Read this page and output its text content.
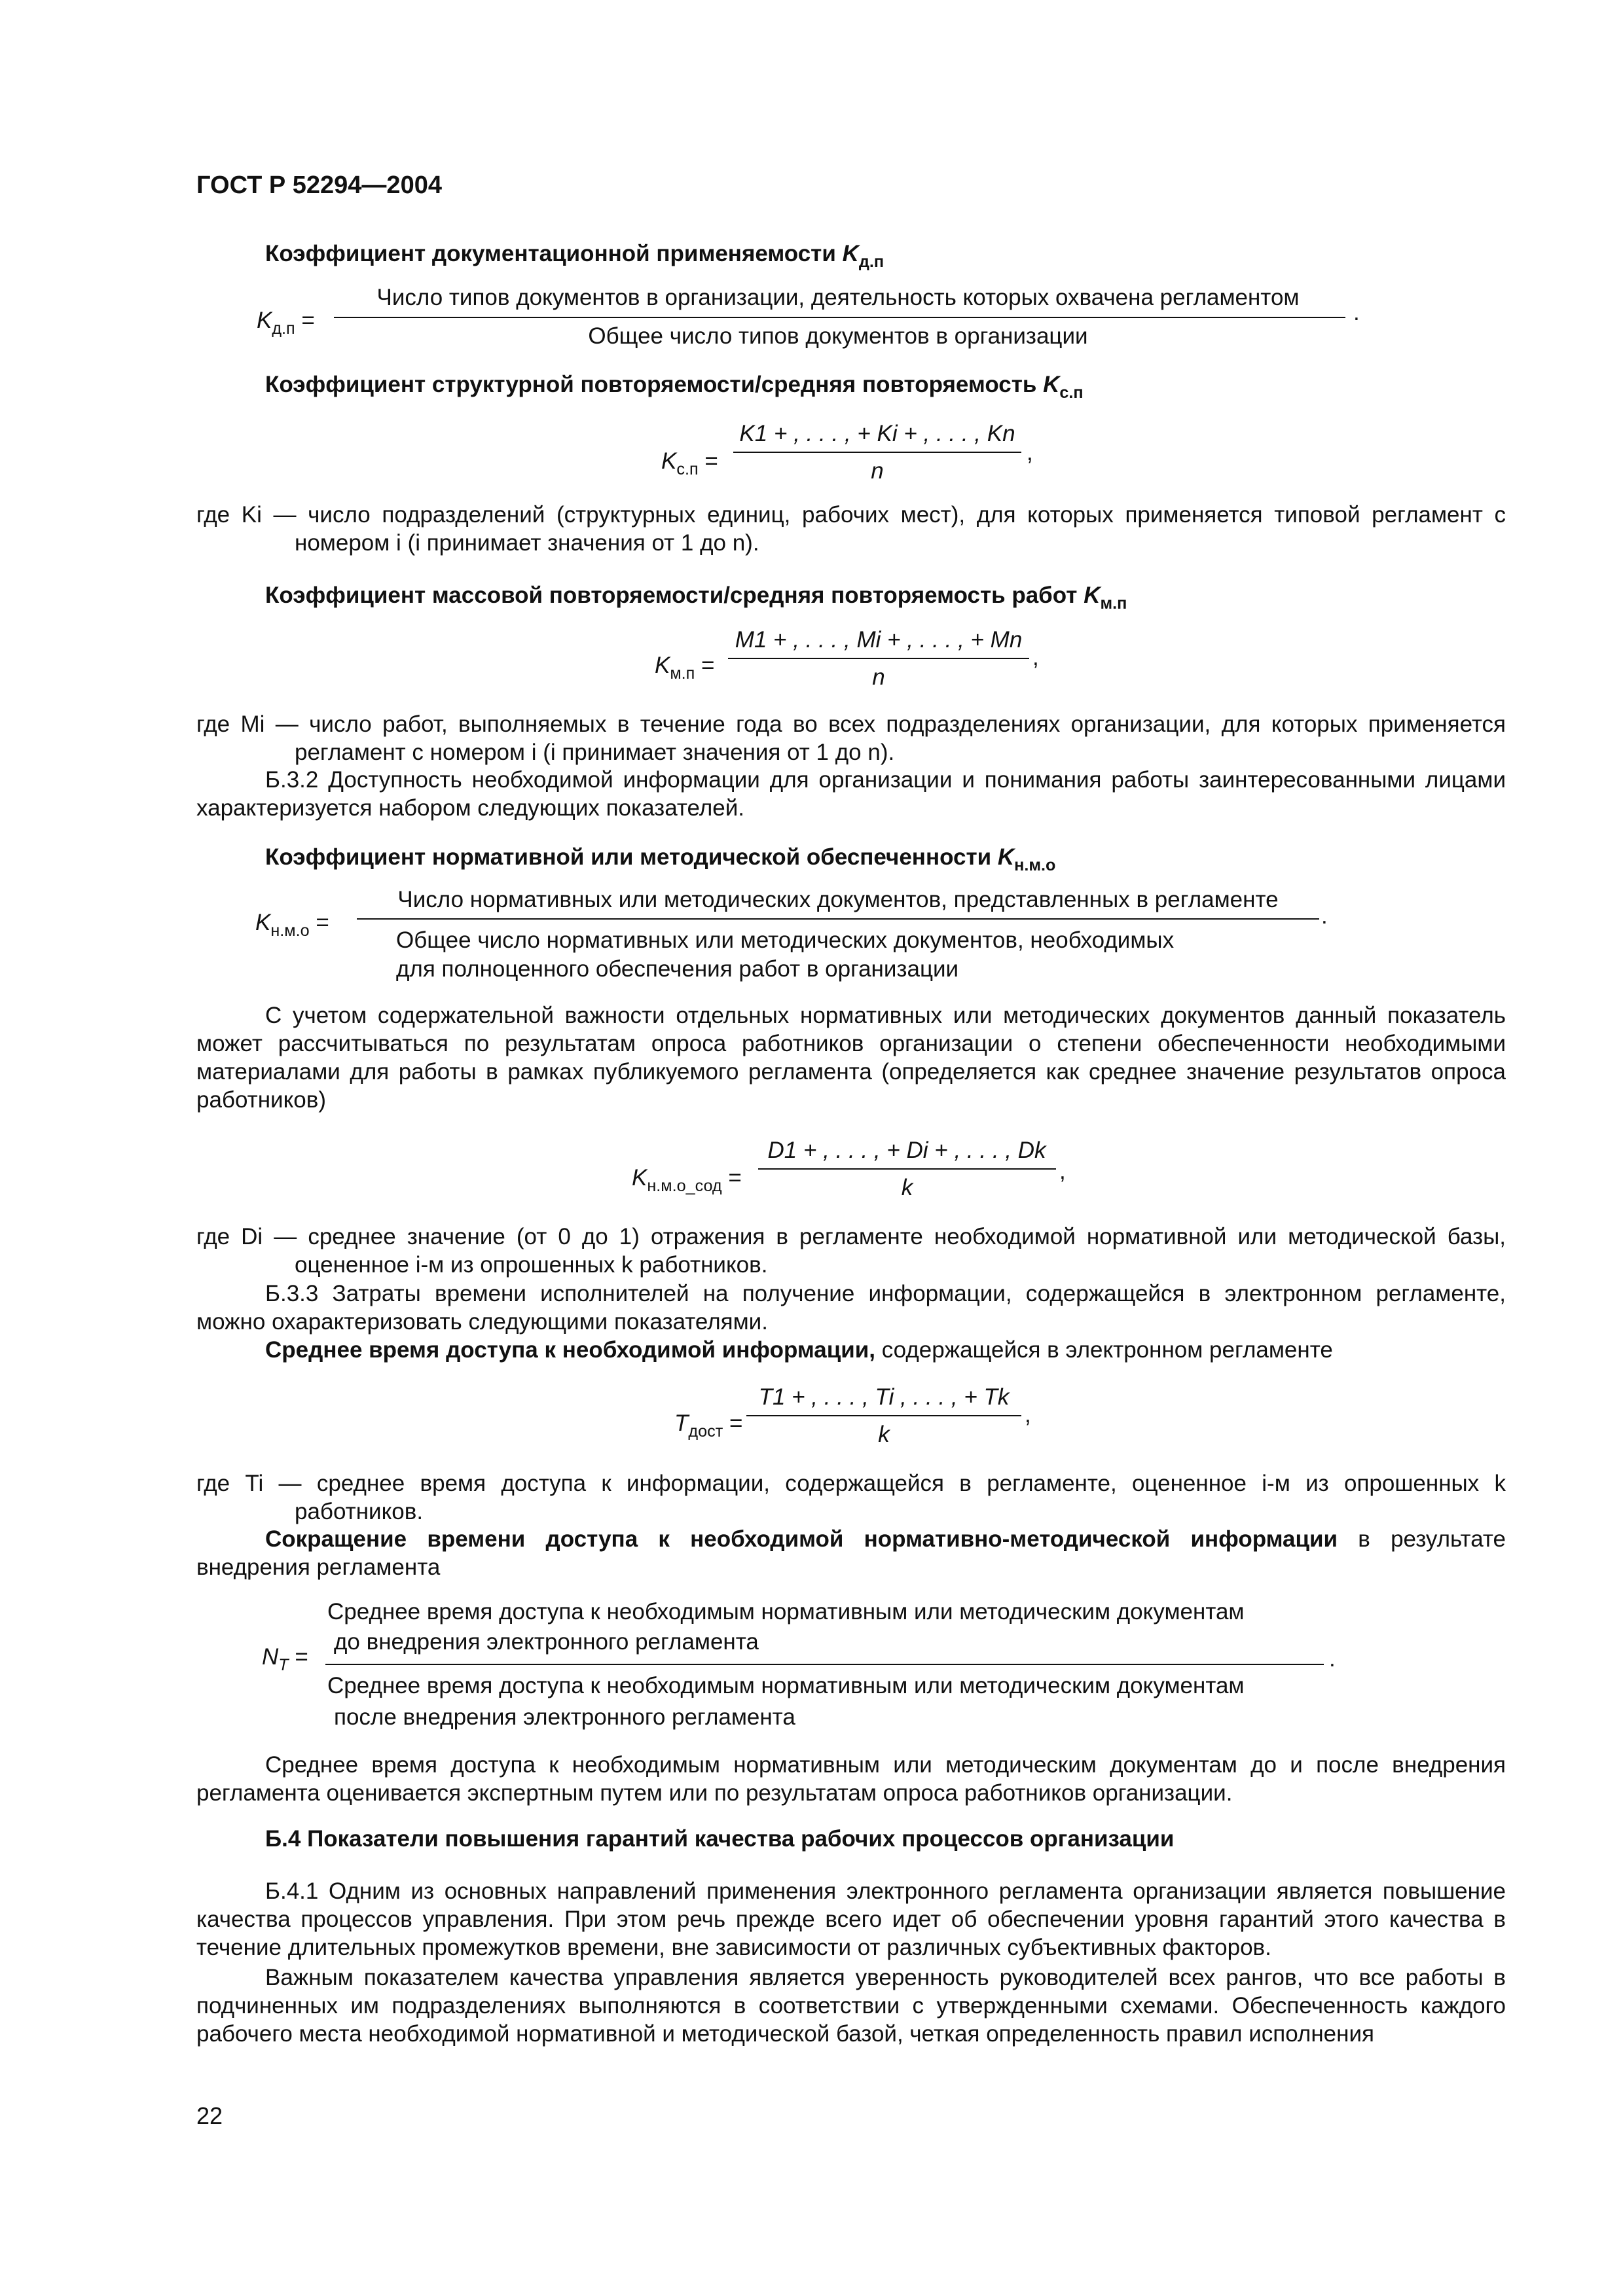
ГОСТ Р 52294—2004
Коэффициент документационной применяемости $K_{д.п}$
$K_{д.п}$ =
Число типов документов в организации, деятельность которых охвачена регламентом
Общее число типов документов в организации
.
Коэффициент структурной повторяемости/средняя повторяемость $K_{с.п}$
$K_{с.п}$ =
K1 + , . . . , + Ki + , . . . , Kn
n
,
где Ki — число подразделений (структурных единиц, рабочих мест), для которых применяется типовой регламент с номером i (i принимает значения от 1 до n).
Коэффициент массовой повторяемости/средняя повторяемость работ $K_{м.п}$
$K_{м.п}$ =
M1 + , . . . , Mi + , . . . , + Mn
n
,
где Mi — число работ, выполняемых в течение года во всех подразделениях организации, для которых применяется регламент с номером i (i принимает значения от 1 до n).
Б.3.2 Доступность необходимой информации для организации и понимания работы заинтересованными лицами характеризуется набором следующих показателей.
Коэффициент нормативной или методической обеспеченности $K_{н.м.о}$
$K_{н.м.о}$ =
Число нормативных или методических документов, представленных в регламенте
Общее число нормативных или методических документов, необходимых
для полноценного обеспечения работ в организации
.
С учетом содержательной важности отдельных нормативных или методических документов данный показатель может рассчитываться по результатам опроса работников организации о степени обеспеченности необходимыми материалами для работы в рамках публикуемого регламента (определяется как среднее значение результатов опроса работников)
$K_{н.м.о\_сод}$ =
D1 + , . . . , + Di + , . . . , Dk
k
,
где Di — среднее значение (от 0 до 1) отражения в регламенте необходимой нормативной или методической базы, оцененное i-м из опрошенных k работников.
Б.3.3 Затраты времени исполнителей на получение информации, содержащейся в электронном регламенте, можно охарактеризовать следующими показателями.
Среднее время доступа к необходимой информации, содержащейся в электронном регламенте
$T_{дост}$ =
T1 + , . . . , Ti , . . . , + Tk
k
,
где Ti — среднее время доступа к информации, содержащейся в регламенте, оцененное i-м из опрошенных k работников.
Сокращение времени доступа к необходимой нормативно-методической информации в результате внедрения регламента
$N_T$ =
Среднее время доступа к необходимым нормативным или методическим документам
до внедрения электронного регламента
Среднее время доступа к необходимым нормативным или методическим документам
после внедрения электронного регламента
.
Среднее время доступа к необходимым нормативным или методическим документам до и после внедрения регламента оценивается экспертным путем или по результатам опроса работников организации.
Б.4 Показатели повышения гарантий качества рабочих процессов организации
Б.4.1 Одним из основных направлений применения электронного регламента организации является повышение качества процессов управления. При этом речь прежде всего идет об обеспечении уровня гарантий этого качества в течение длительных промежутков времени, вне зависимости от различных субъективных факторов.
Важным показателем качества управления является уверенность руководителей всех рангов, что все работы в подчиненных им подразделениях выполняются в соответствии с утвержденными схемами. Обеспеченность каждого рабочего места необходимой нормативной и методической базой, четкая определенность правил исполнения
22
